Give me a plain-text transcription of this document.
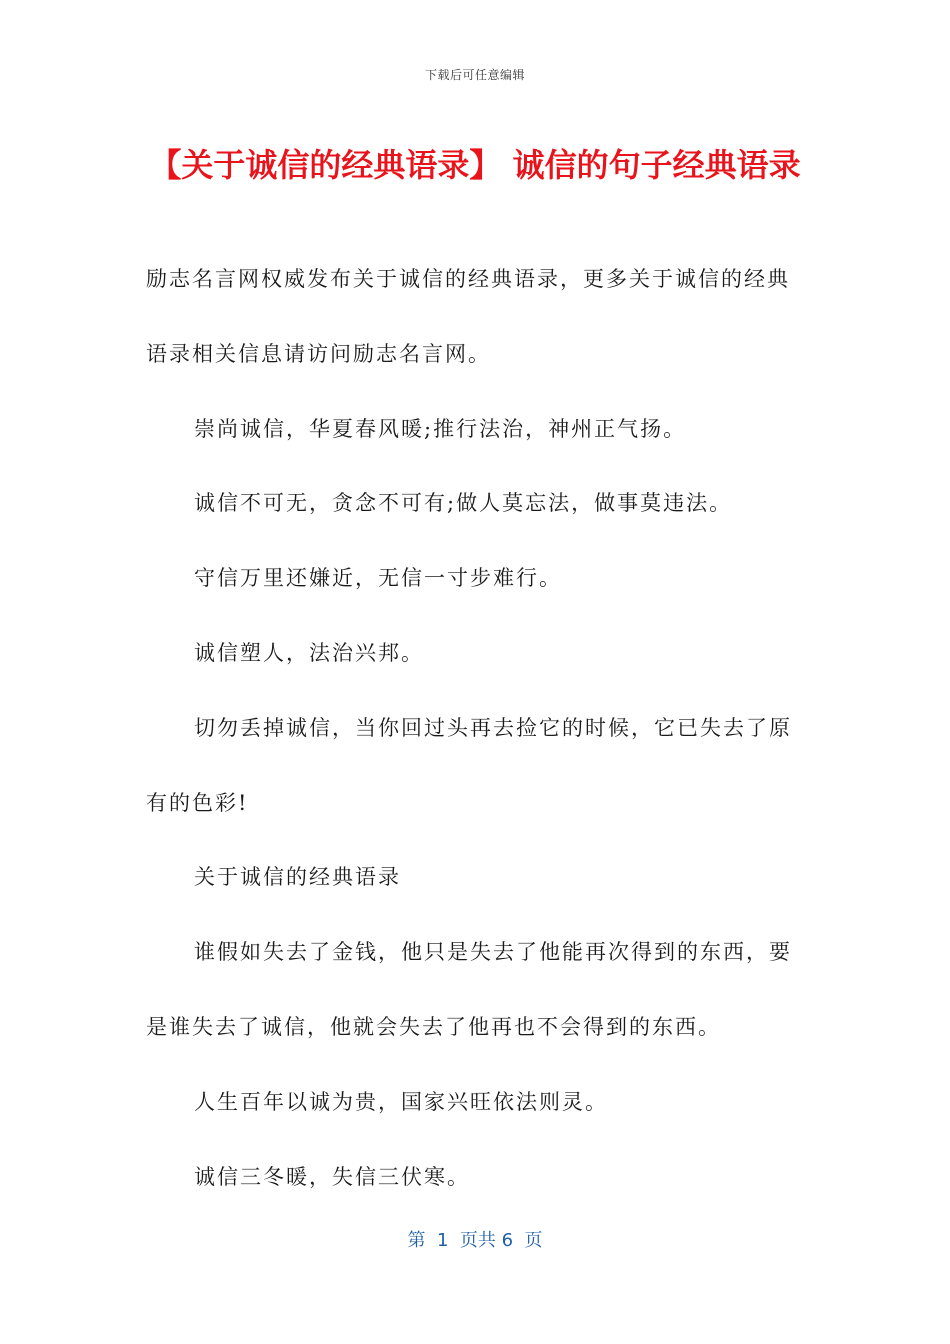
下载后可任意编辑
【关于诚信的经典语录】 诚信的句子经典语录

励志名言网权威发布关于诚信的经典语录，更多关于诚信的经典语录相关信息请访问励志名言网。

崇尚诚信，华夏春风暖;推行法治，神州正气扬。

诚信不可无，贪念不可有;做人莫忘法，做事莫违法。

守信万里还嫌近，无信一寸步难行。

诚信塑人，法治兴邦。

切勿丢掉诚信，当你回过头再去捡它的时候，它已失去了原有的色彩!

关于诚信的经典语录

谁假如失去了金钱，他只是失去了他能再次得到的东西，要是谁失去了诚信，他就会失去了他再也不会得到的东西。

人生百年以诚为贵，国家兴旺依法则灵。

诚信三冬暖，失信三伏寒。

第  1  页共 6  页
